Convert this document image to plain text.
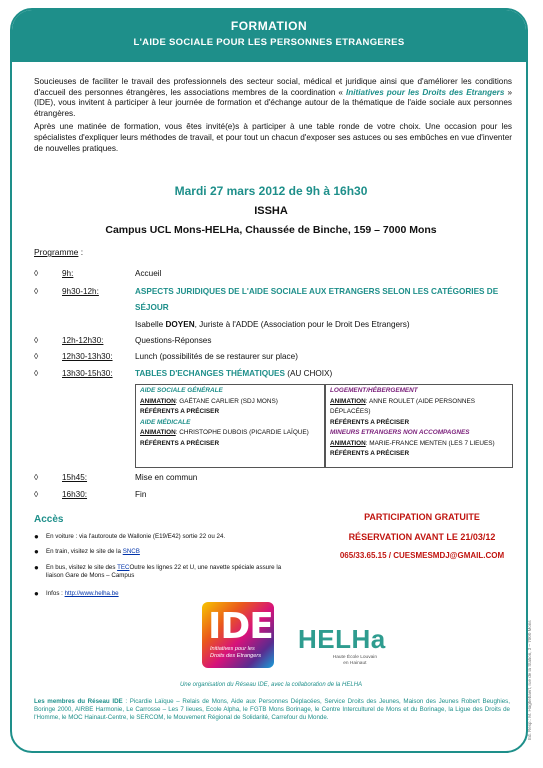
FORMATION
L'AIDE SOCIALE POUR LES PERSONNES ETRANGERES

Soucieuses de faciliter le travail des professionnels des secteur social, médical et juridique ainsi que d'améliorer les conditions d'accueil des personnes étrangères, les associations membres de la coordination « Initiatives pour les Droits des Etrangers » (IDE), vous invitent à participer à leur journée de formation et d'échange autour de la thématique de l'aide sociale aux personnes étrangères.

Après une matinée de formation, vous êtes invité(e)s à participer à une table ronde de votre choix. Une occasion pour les spécialistes d'expliquer leurs méthodes de travail, et pour tout un chacun d'exposer ses astuces ou ses embûches en vue d'inventer de nouvelles pratiques.

Mardi 27 mars 2012 de 9h à 16h30
ISSHA
Campus UCL Mons-HELHa, Chaussée de Binche, 159 – 7000 Mons
Programme :
◊	9h:	Accueil
◊	9h30-12h:	ASPECTS JURIDIQUES DE L'AIDE SOCIALE AUX ETRANGERS SELON LES CATÉGORIES DE
SÉJOUR
Isabelle DOYEN, Juriste à l'ADDE (Association pour le Droit Des Etrangers)
◊	12h-12h30:	Questions-Réponses
◊	12h30-13h30:	Lunch (possibilités de se restaurer sur place)
◊	13h30-15h30:	TABLES D'ECHANGES THÉMATIQUES (AU CHOIX)
◊	15h45:	Mise en commun
◊	16h30:	Fin
AIDE SOCIALE GÉNÉRALE
ANIMATION: GAËTANE CARLIER (SDJ MONS)
RÉFÉRENTS A PRÉCISER
AIDE MÉDICALE
ANIMATION: CHRISTOPHE DUBOIS (PICARDIE LAÏQUE)
RÉFÉRENTS A PRÉCISER
LOGEMENT/HÉBERGEMENT
ANIMATION: ANNE ROULET (AIDE PERSONNES DÉPLACÉES)
RÉFÉRENTS A PRÉCISER
MINEURS ETRANGERS NON ACCOMPAGNES
ANIMATION: MARIE-FRANCE MENTEN (LES 7 LIEUES)
RÉFÉRENTS A PRÉCISER
Accès
● En voiture : via l'autoroute de Wallonie (E19/E42) sortie 22 ou 24.
● En train, visitez le site de la SNCB
● En bus, visitez le site des TECOutre les lignes 22 et U, une navette spéciale assure la liaison Gare de Mons – Campus
● Infos : http://www.helha.be
PARTICIPATION GRATUITE
RÉSERVATION AVANT LE 21/03/12
065/33.65.15 / CUESMESMDJ@GMAIL.COM
IDE
Initiatives pour les
Droits des Etrangers
HELHa
Haute École Louvain
en Hainaut
Une organisation du Réseau IDE, avec la collaboration de la HELHA
Les membres du Réseau IDE : Picardie Laïque – Relais de Mons, Aide aux Personnes Déplacées, Service Droits des Jeunes, Maison des Jeunes Robert Beughies, Boringe 2000, AIRBE Harmonie, Le Carrosse – Les 7 lieues, Ecole Alpha, le FGTB Mons Borinage, le Centre Interculturel de Mons et du Borinage, la Ligue des Droits de l'Homme, le MOC Hainaut-Centre, le SERCOM, le Mouvement Régional de Solidarité, Carrefour du Monde.	Ed. Resp.: M. Haghebaert, rue de la Station, 3 – 7000 Mons
